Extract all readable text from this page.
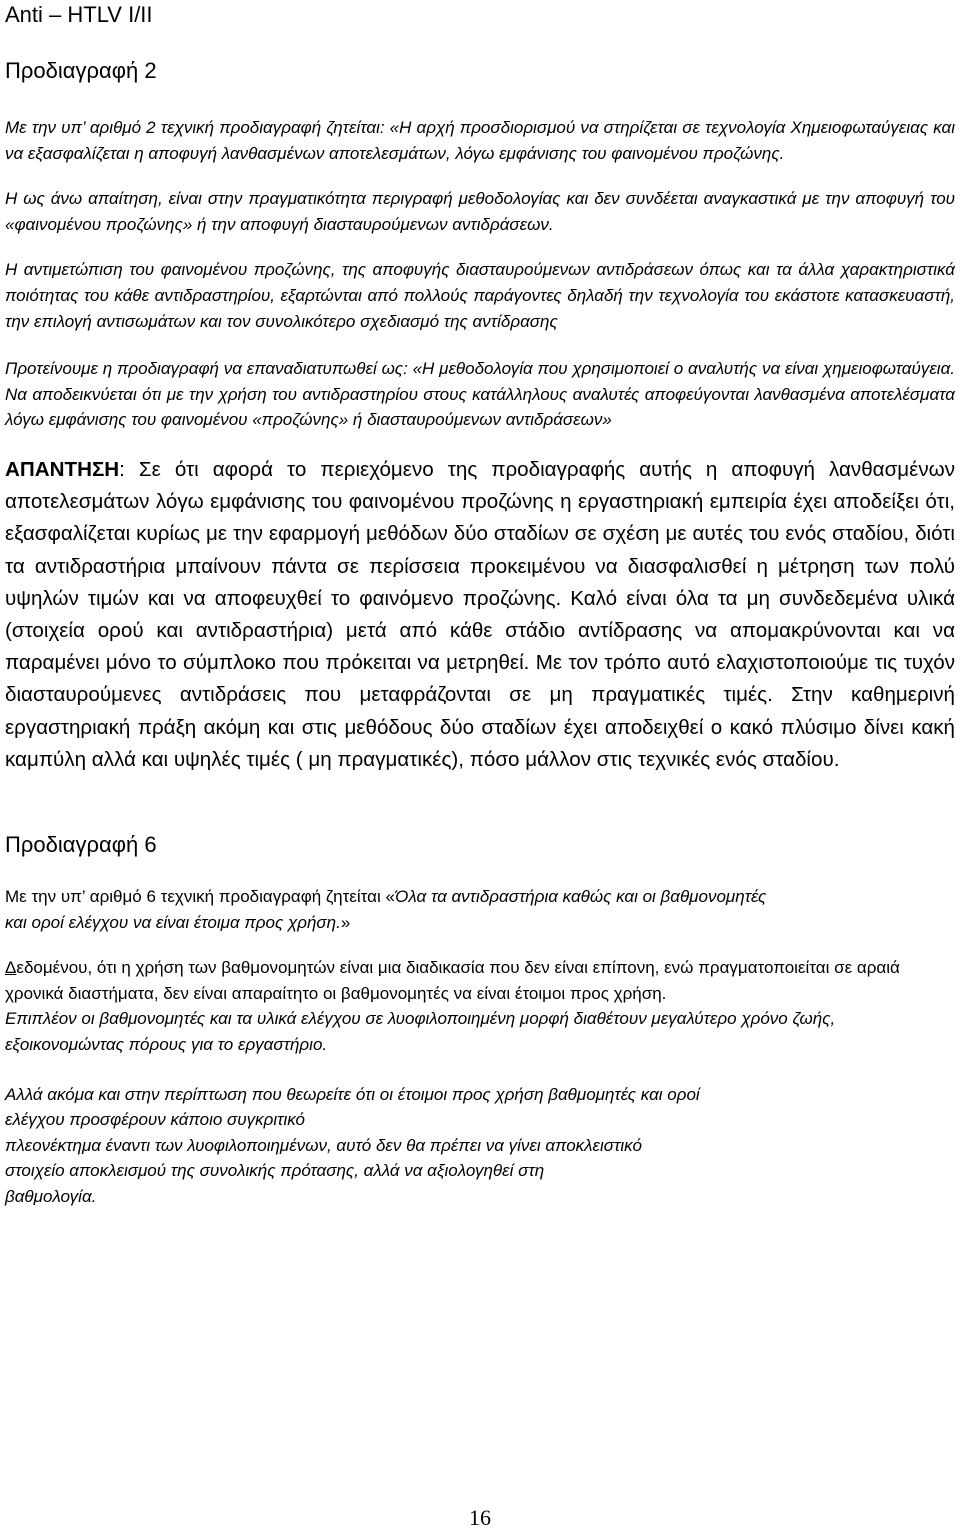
Anti – HTLV I/II
Προδιαγραφή 2

Με την υπ’ αριθμό 2 τεχνική προδιαγραφή ζητείται: «Η αρχή προσδιορισμού να στηρίζεται σε τεχνολογία Χημειοφωταύγειας και να εξασφαλίζεται η αποφυγή λανθασμένων αποτελεσμάτων, λόγω εμφάνισης του φαινομένου προζώνης.

Η ως άνω απαίτηση, είναι στην πραγματικότητα περιγραφή μεθοδολογίας και δεν συνδέεται αναγκαστικά με την αποφυγή του «φαινομένου προζώνης» ή την αποφυγή διασταυρούμενων αντιδράσεων.

Η αντιμετώπιση του φαινομένου προζώνης, της αποφυγής διασταυρούμενων αντιδράσεων όπως και τα άλλα χαρακτηριστικά ποιότητας του κάθε αντιδραστηρίου, εξαρτώνται από πολλούς παράγοντες δηλαδή την τεχνολογία του εκάστοτε κατασκευαστή, την επιλογή αντισωμάτων και τον συνολικότερο σχεδιασμό της αντίδρασης

Προτείνουμε η προδιαγραφή να επαναδιατυπωθεί ως: «Η μεθοδολογία που χρησιμοποιεί ο αναλυτής να είναι χημειοφωταύγεια. Να αποδεικνύεται ότι με την χρήση του αντιδραστηρίου στους κατάλληλους αναλυτές αποφεύγονται λανθασμένα αποτελέσματα λόγω εμφάνισης του φαινομένου «προζώνης» ή διασταυρούμενων αντιδράσεων»

ΑΠΑΝΤΗΣΗ: Σε ότι αφορά το περιεχόμενο της προδιαγραφής αυτής η αποφυγή λανθασμένων αποτελεσμάτων λόγω εμφάνισης του φαινομένου προζώνης η εργαστηριακή εμπειρία έχει αποδείξει ότι, εξασφαλίζεται κυρίως με την εφαρμογή μεθόδων δύο σταδίων σε σχέση με αυτές του ενός σταδίου, διότι τα αντιδραστήρια μπαίνουν πάντα σε περίσσεια προκειμένου να διασφαλισθεί η μέτρηση των πολύ υψηλών τιμών και να αποφευχθεί το φαινόμενο προζώνης. Καλό είναι όλα τα μη συνδεδεμένα υλικά (στοιχεία ορού και αντιδραστήρια) μετά από κάθε στάδιο αντίδρασης να απομακρύνονται και να παραμένει μόνο το σύμπλοκο που πρόκειται να μετρηθεί. Με τον τρόπο αυτό ελαχιστοποιούμε τις τυχόν διασταυρούμενες αντιδράσεις που μεταφράζονται σε μη πραγματικές τιμές. Στην καθημερινή εργαστηριακή πράξη ακόμη και στις μεθόδους δύο σταδίων έχει αποδειχθεί ο κακό πλύσιμο δίνει κακή καμπύλη αλλά και υψηλές τιμές ( μη πραγματικές), πόσο μάλλον στις τεχνικές ενός σταδίου.

Προδιαγραφή 6

Με την υπ’ αριθμό 6 τεχνική προδιαγραφή ζητείται «Όλα τα αντιδραστήρια καθώς και οι βαθμονομητές
και οροί ελέγχου να είναι έτοιμα προς χρήση.»

Δεδομένου, ότι η χρήση των βαθμονομητών είναι μια διαδικασία που δεν είναι επίπονη, ενώ πραγματοποιείται σε αραιά χρονικά διαστήματα, δεν είναι απαραίτητο οι βαθμονομητές να είναι έτοιμοι προς χρήση.

Επιπλέον οι βαθμονομητές και τα υλικά ελέγχου σε λυοφιλοποιημένη μορφή διαθέτουν μεγαλύτερο χρόνο ζωής, εξοικονομώντας πόρους για το εργαστήριο.

Αλλά ακόμα και στην περίπτωση που θεωρείτε ότι οι έτοιμοι προς χρήση βαθμομητές και οροί
ελέγχου προσφέρουν κάποιο συγκριτικό
πλεονέκτημα έναντι των λυοφιλοποιημένων, αυτό δεν θα πρέπει να γίνει αποκλειστικό
στοιχείο αποκλεισμού της συνολικής πρότασης, αλλά να αξιολογηθεί στη
βαθμολογία.

16
